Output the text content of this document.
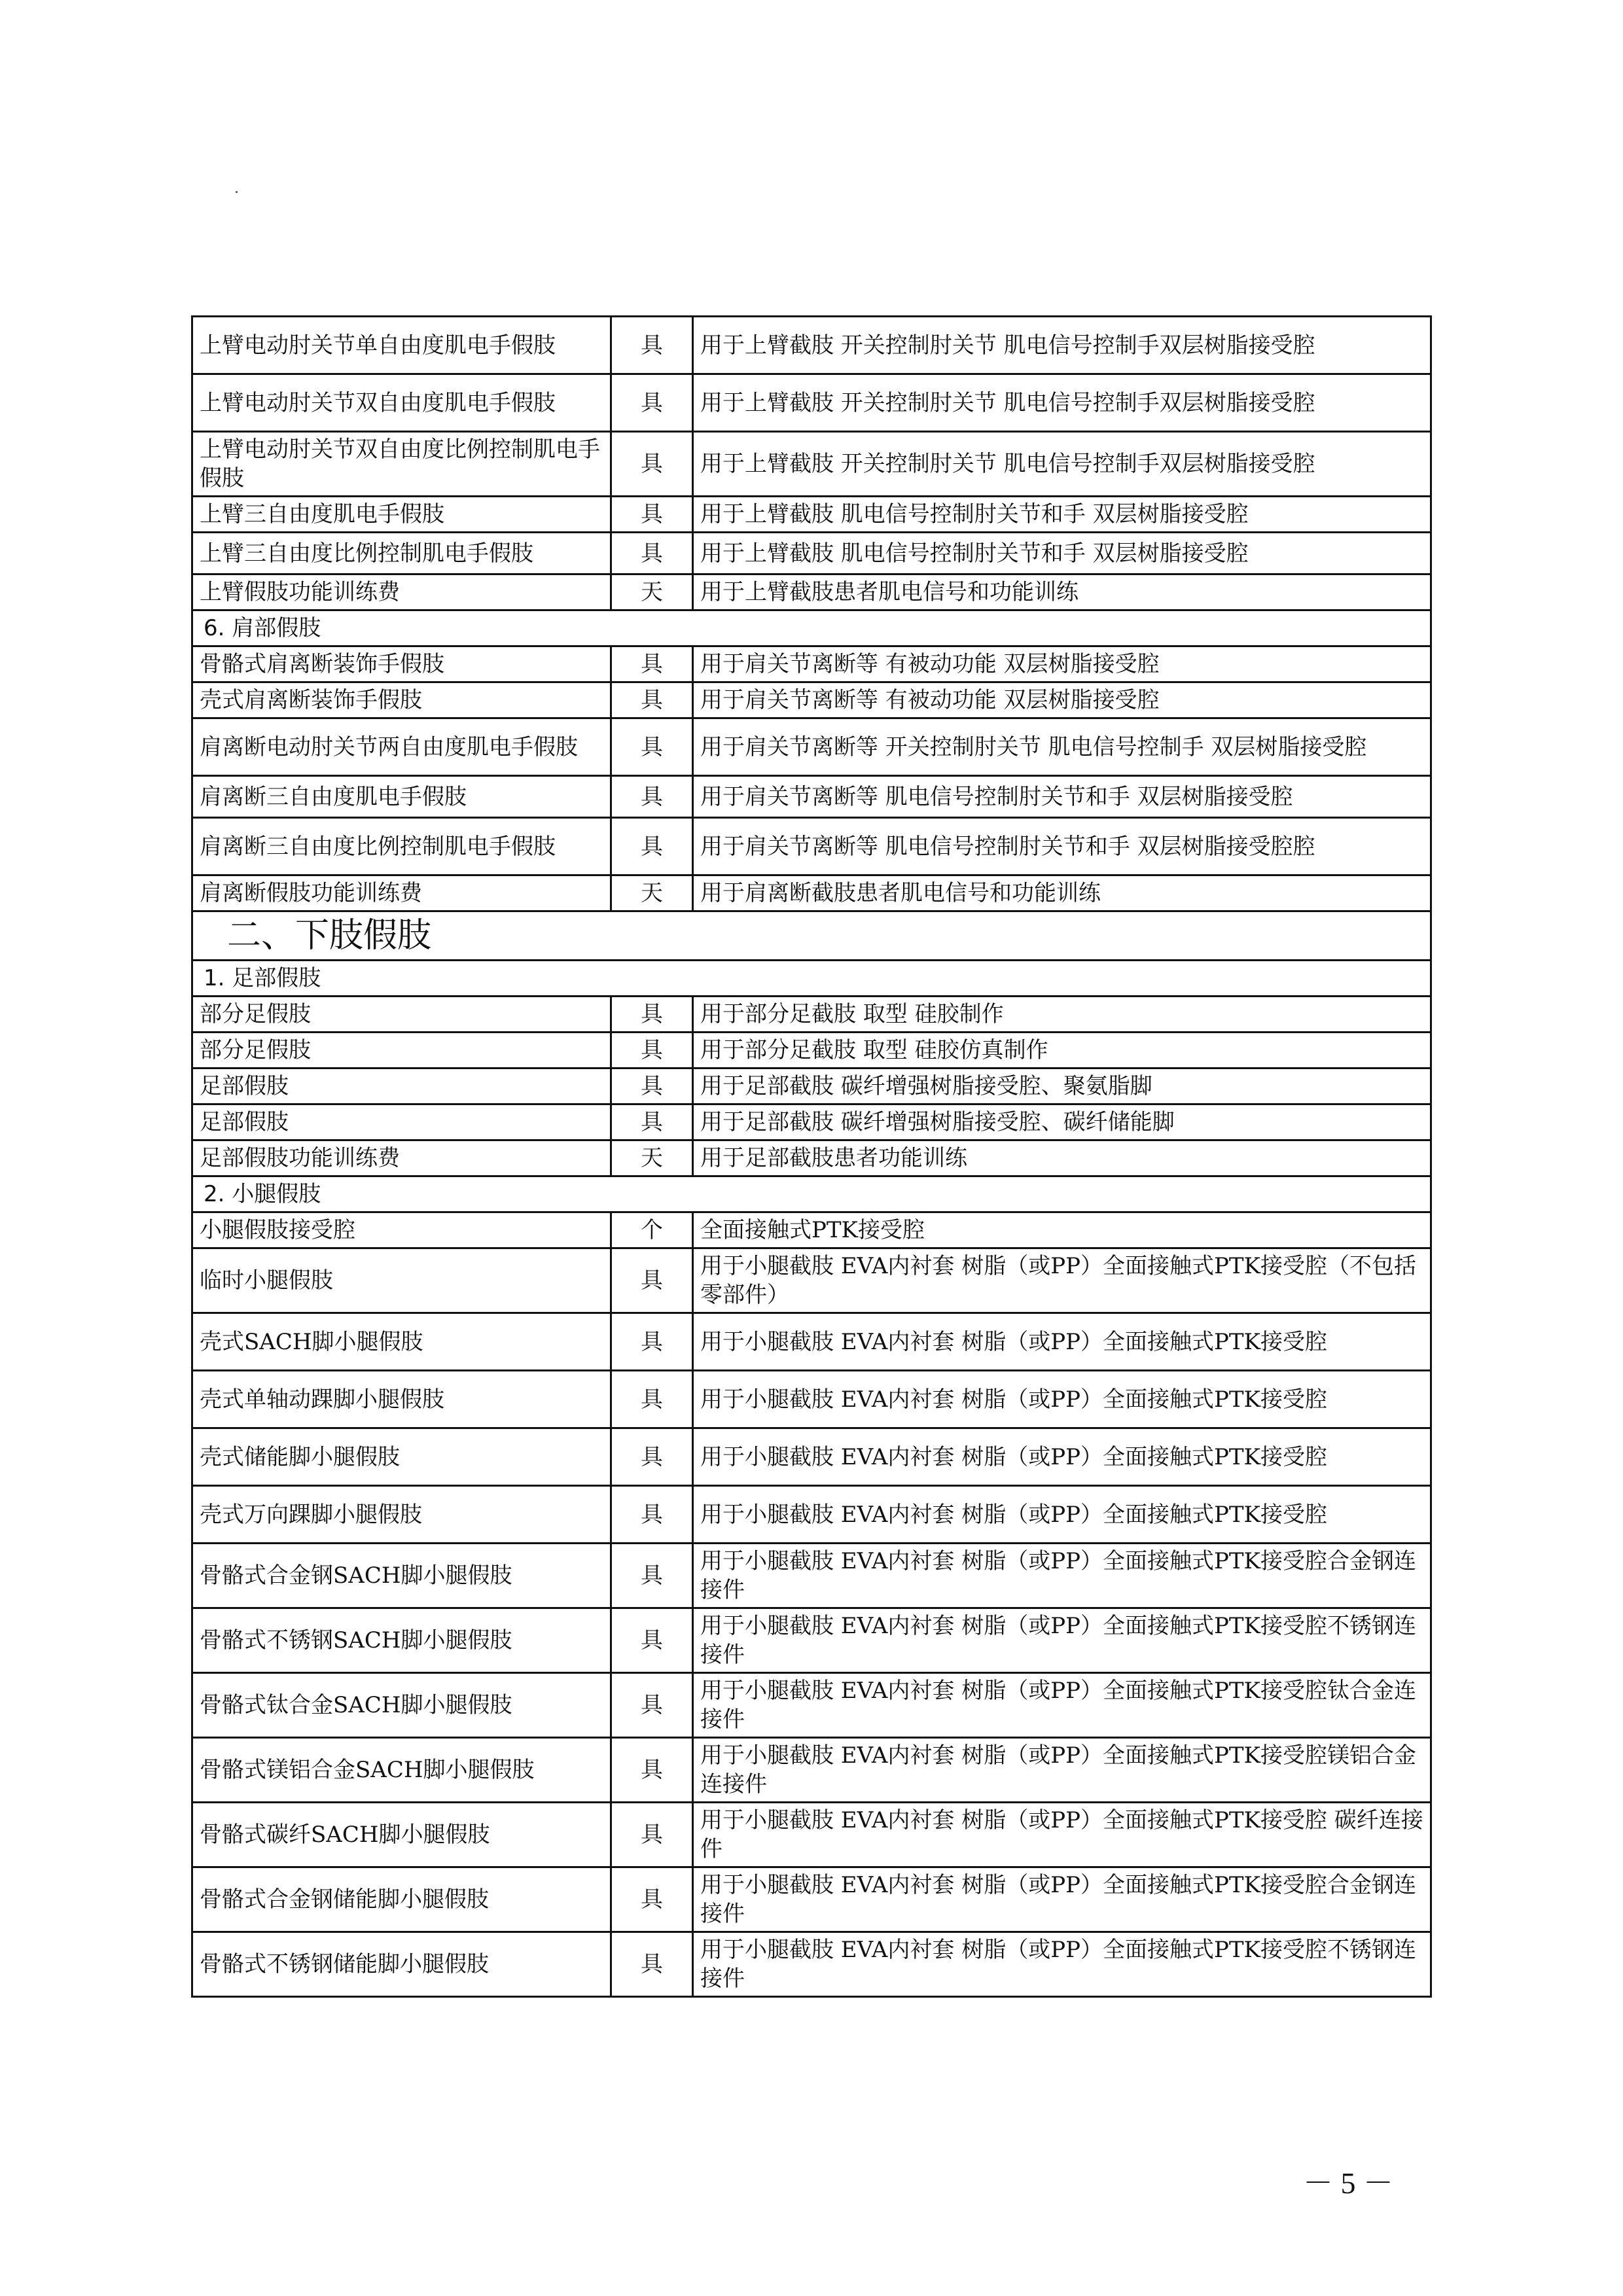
上臂电动肘关节单自由度肌电手假肢	具	用于上臂截肢 开关控制肘关节 肌电信号控制手双层树脂接受腔
上臂电动肘关节双自由度肌电手假肢	具	用于上臂截肢 开关控制肘关节 肌电信号控制手双层树脂接受腔
上臂电动肘关节双自由度比例控制肌电手假肢	具	用于上臂截肢 开关控制肘关节 肌电信号控制手双层树脂接受腔
上臂三自由度肌电手假肢	具	用于上臂截肢 肌电信号控制肘关节和手 双层树脂接受腔
上臂三自由度比例控制肌电手假肢	具	用于上臂截肢 肌电信号控制肘关节和手 双层树脂接受腔
上臂假肢功能训练费	天	用于上臂截肢患者肌电信号和功能训练
6. 肩部假肢		
骨骼式肩离断装饰手假肢	具	用于肩关节离断等 有被动功能 双层树脂接受腔
壳式肩离断装饰手假肢	具	用于肩关节离断等 有被动功能 双层树脂接受腔
肩离断电动肘关节两自由度肌电手假肢	具	用于肩关节离断等 开关控制肘关节 肌电信号控制手 双层树脂接受腔
肩离断三自由度肌电手假肢	具	用于肩关节离断等 肌电信号控制肘关节和手 双层树脂接受腔
肩离断三自由度比例控制肌电手假肢	具	用于肩关节离断等 肌电信号控制肘关节和手 双层树脂接受腔腔
肩离断假肢功能训练费	天	用于肩离断截肢患者肌电信号和功能训练
二、下肢假肢		
1. 足部假肢		
部分足假肢	具	用于部分足截肢 取型 硅胶制作
部分足假肢	具	用于部分足截肢 取型 硅胶仿真制作
足部假肢	具	用于足部截肢 碳纤增强树脂接受腔、聚氨脂脚
足部假肢	具	用于足部截肢 碳纤增强树脂接受腔、碳纤储能脚
足部假肢功能训练费	天	用于足部截肢患者功能训练
2. 小腿假肢		
小腿假肢接受腔	个	全面接触式PTK接受腔
临时小腿假肢	具	用于小腿截肢 EVA内衬套 树脂（或PP）全面接触式PTK接受腔（不包括零部件）
壳式SACH脚小腿假肢	具	用于小腿截肢 EVA内衬套 树脂（或PP）全面接触式PTK接受腔
壳式单轴动踝脚小腿假肢	具	用于小腿截肢 EVA内衬套 树脂（或PP）全面接触式PTK接受腔
壳式储能脚小腿假肢	具	用于小腿截肢 EVA内衬套 树脂（或PP）全面接触式PTK接受腔
壳式万向踝脚小腿假肢	具	用于小腿截肢 EVA内衬套 树脂（或PP）全面接触式PTK接受腔
骨骼式合金钢SACH脚小腿假肢	具	用于小腿截肢 EVA内衬套 树脂（或PP）全面接触式PTK接受腔合金钢连接件
骨骼式不锈钢SACH脚小腿假肢	具	用于小腿截肢 EVA内衬套 树脂（或PP）全面接触式PTK接受腔不锈钢连接件
骨骼式钛合金SACH脚小腿假肢	具	用于小腿截肢 EVA内衬套 树脂（或PP）全面接触式PTK接受腔钛合金连接件
骨骼式镁铝合金SACH脚小腿假肢	具	用于小腿截肢 EVA内衬套 树脂（或PP）全面接触式PTK接受腔镁铝合金连接件
骨骼式碳纤SACH脚小腿假肢	具	用于小腿截肢 EVA内衬套 树脂（或PP）全面接触式PTK接受腔 碳纤连接件
骨骼式合金钢储能脚小腿假肢	具	用于小腿截肢 EVA内衬套 树脂（或PP）全面接触式PTK接受腔合金钢连接件
骨骼式不锈钢储能脚小腿假肢	具	用于小腿截肢 EVA内衬套 树脂（或PP）全面接触式PTK接受腔不锈钢连接件
－ 5 －
